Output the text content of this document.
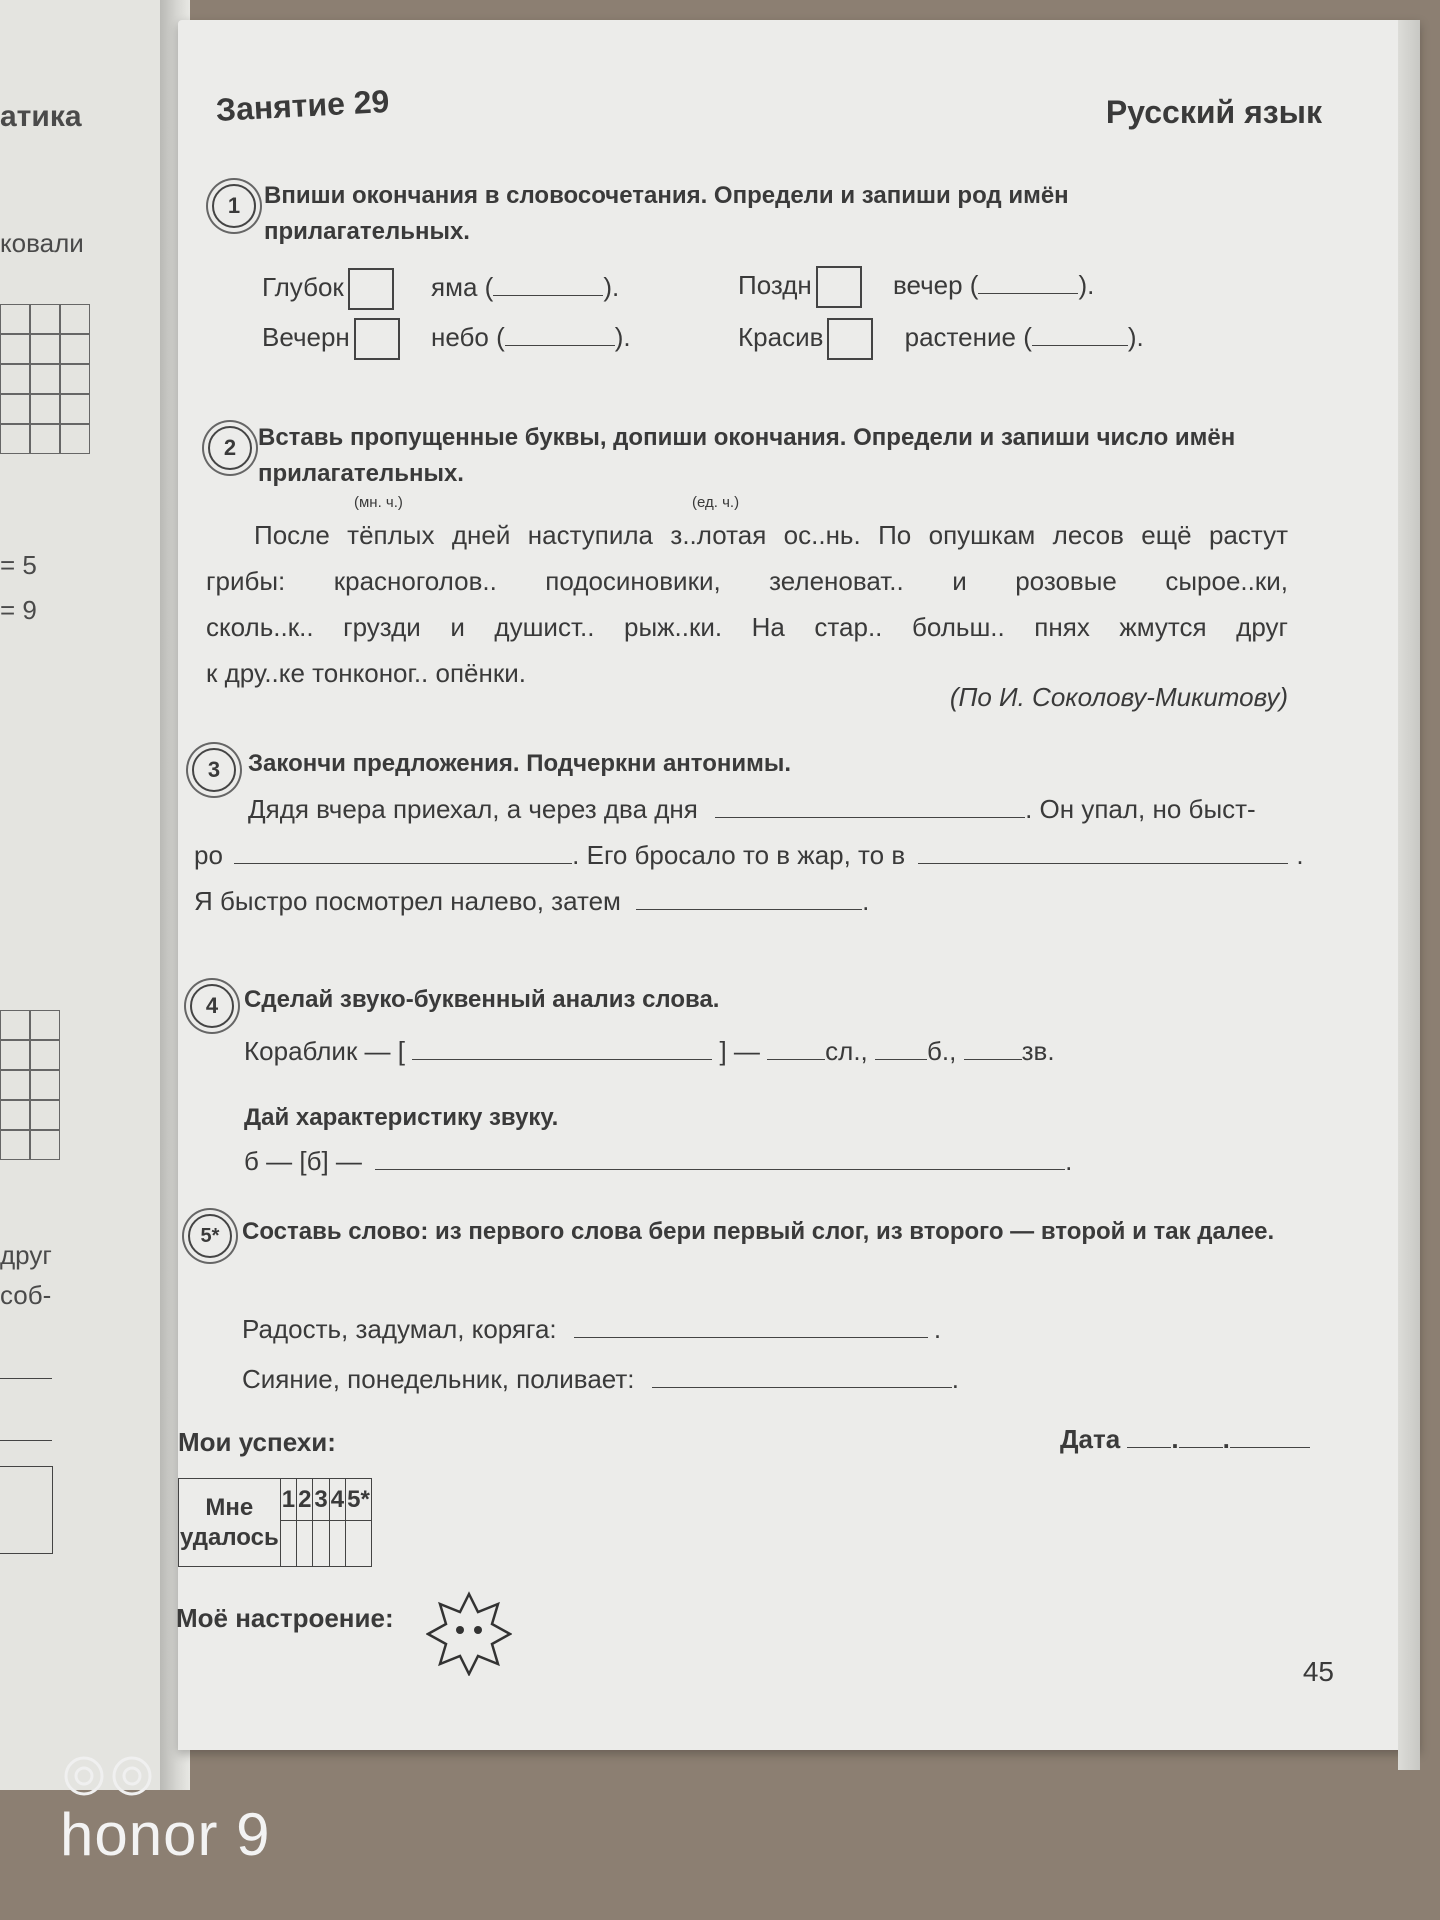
атика
ковали
= 5
= 9
друг
соб-
Занятие 29	Русский язык
1 Впиши окончания в словосочетания. Определи и запиши род имён прилагательных.
Глубок	яма (	).	Поздн	вечер (	).
Вечерн	небо (	).	Красив	растение (	).
2 Вставь пропущенные буквы, допиши окончания. Определи и запиши число имён прилагательных.
(мн. ч.)	(ед. ч.)
После тёплых дней наступила з..лотая ос..нь. По опушкам лесов ещё растут
грибы: красноголов.. подосиновики, зеленоват.. и розовые сыроe..ки,
сколь..к.. грузди и душист.. рыж..ки. На стар.. больш.. пнях жмутся друг
к дру..ке тонконог.. опёнки.
(По И. Соколову-Микитову)
3	Закончи предложения. Подчеркни антонимы.
Дядя вчера приехал, а через два дня	. Он упал, но быст-
ро	. Его бросало то в жар, то в	.
Я быстро посмотрел налево, затем	.
4	Сделай звуко-буквенный анализ слова.
Кораблик — [	] —	сл., б.,	зв.
Дай характеристику звуку.
б — [б] —	.
5* Составь слово: из первого слова бери первый слог, из второго — второй и так далее.
Радость, задумал, коряга:	.
Сияние, понедельник, поливает:	.
Мои успехи:	Дата . .
Мне удалось	1	2	3	4	5*

Моё настроение:
45
honor 9
